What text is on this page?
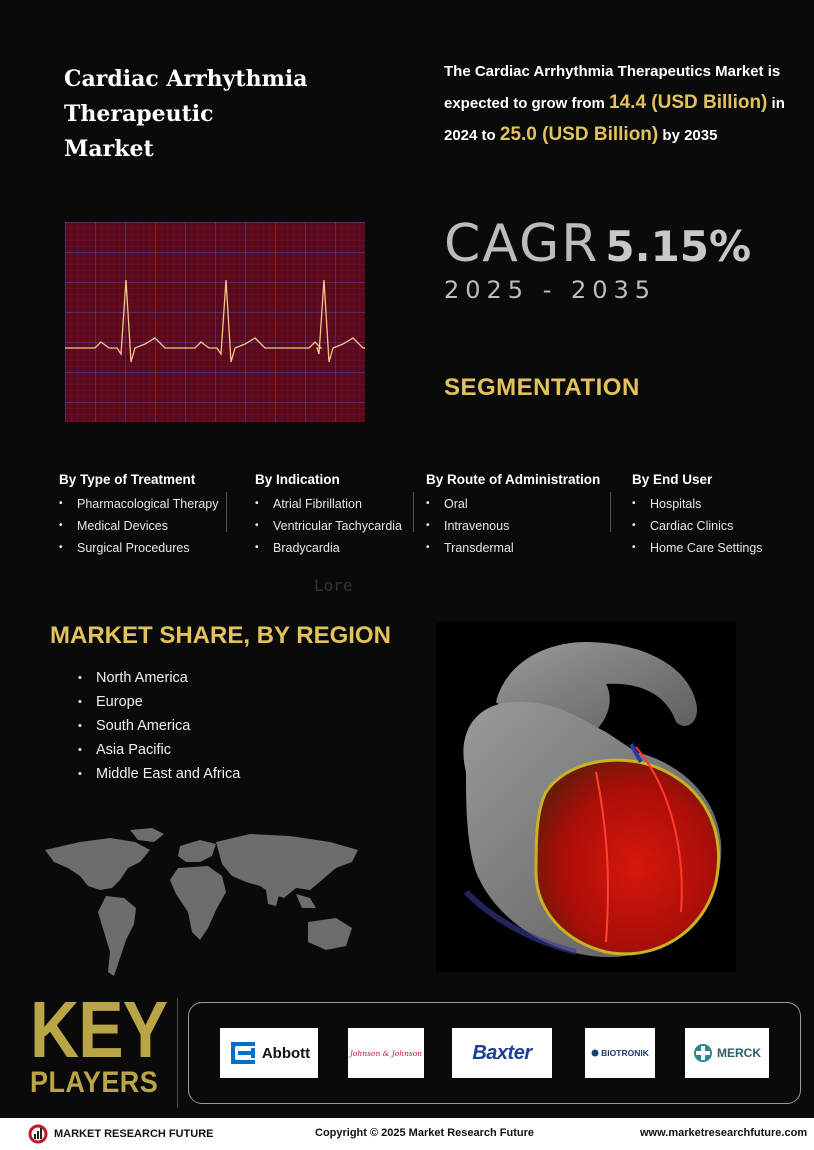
Cardiac Arrhythmia
Therapeutic
Market
The Cardiac Arrhythmia Therapeutics Market is expected to grow from 14.4 (USD Billion) in 2024 to 25.0 (USD Billion) by 2035
CAGR 5.15%
2025 - 2035
SEGMENTATION
By Type of Treatment
• Pharmacological Therapy
• Medical Devices
• Surgical Procedures
By Indication
• Atrial Fibrillation
• Ventricular Tachycardia
• Bradycardia
By Route of Administration
• Oral
• Intravenous
• Transdermal
By End User
• Hospitals
• Cardiac Clinics
• Home Care Settings
Lore
MARKET SHARE, BY REGION
• North America
• Europe
• South America
• Asia Pacific
• Middle East and Africa
KEY
PLAYERS
Abbott	Johnson & Johnson	Baxter	BIOTRONIK	MERCK
MARKET RESEARCH FUTURE	Copyright © 2025 Market Research Future	www.marketresearchfuture.com
